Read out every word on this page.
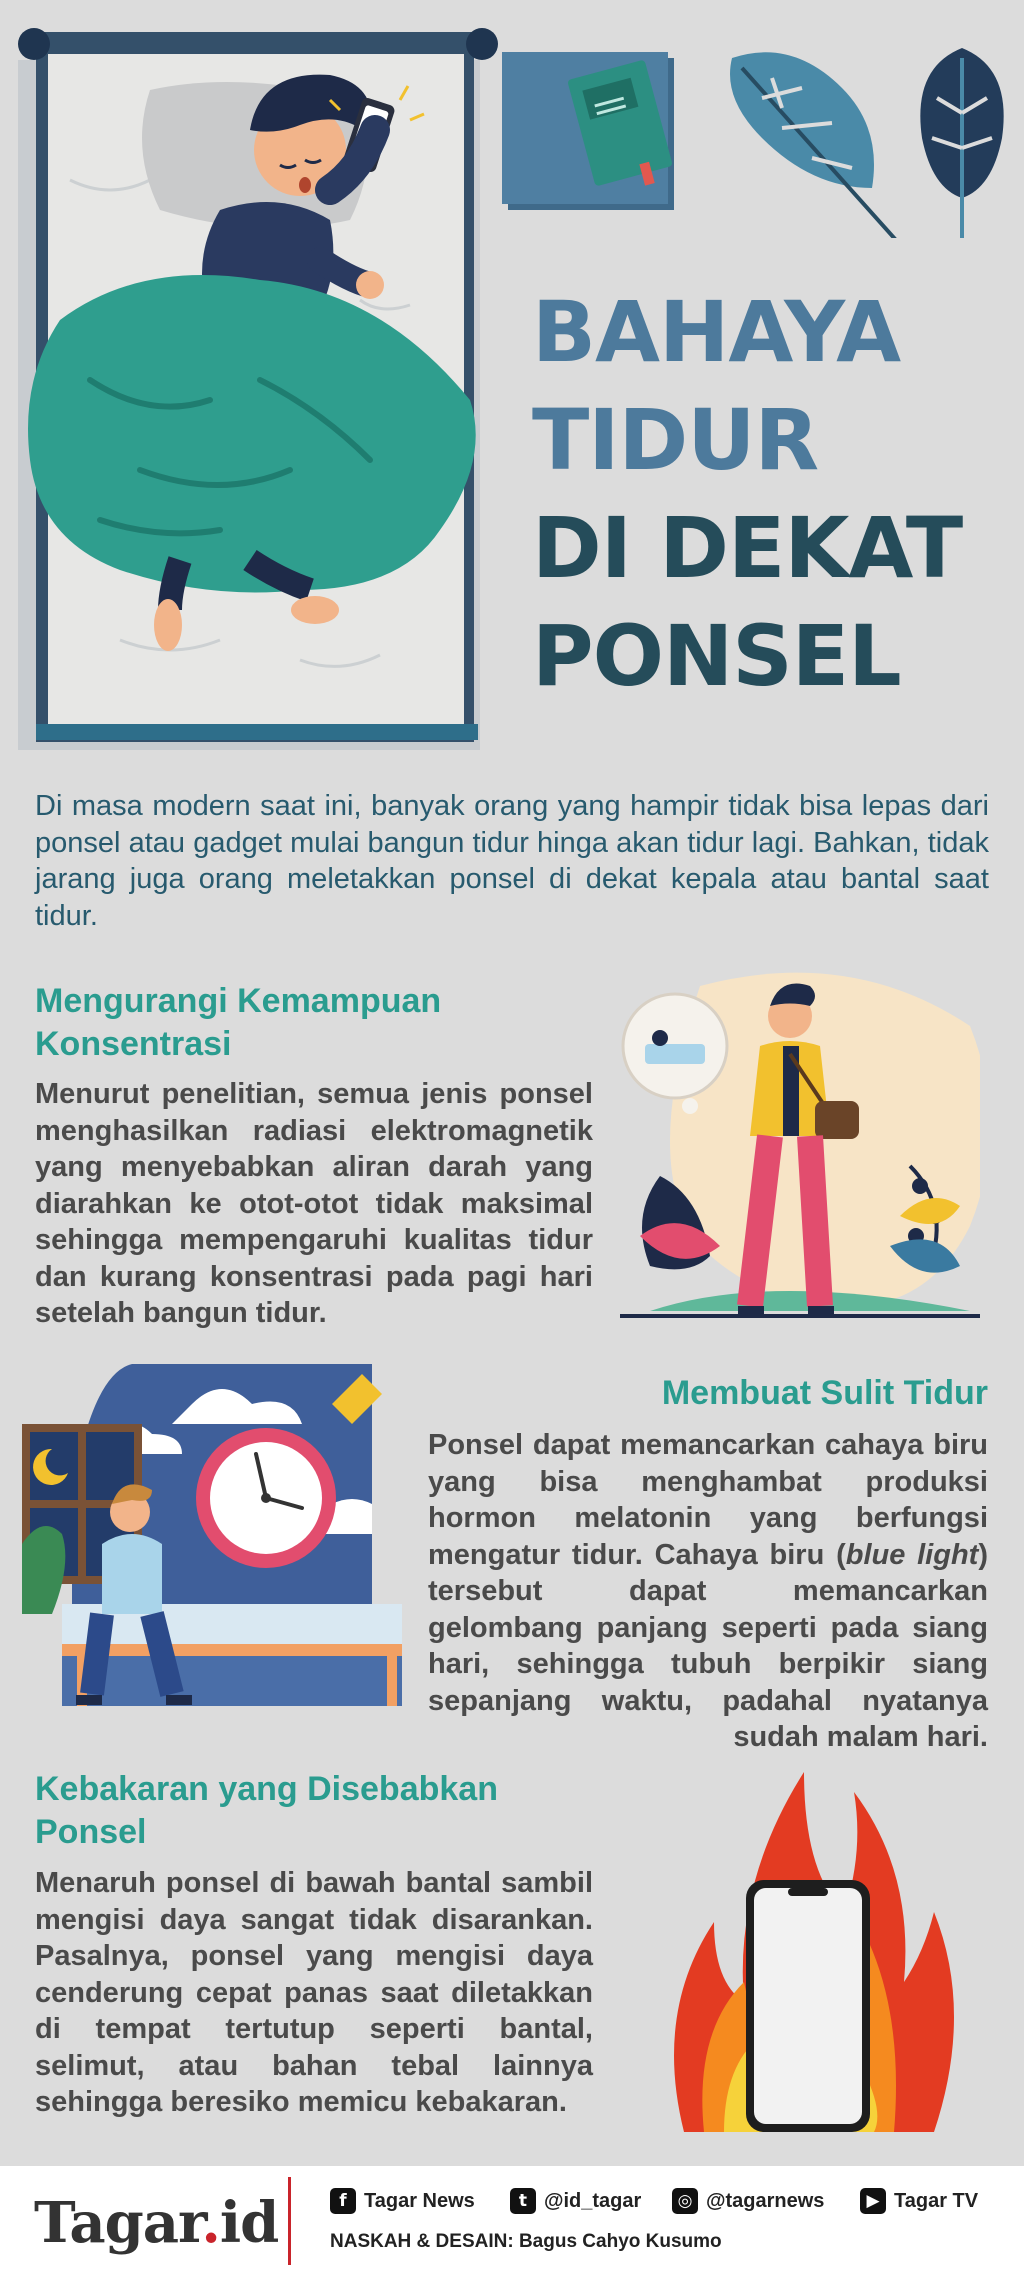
BAHAYA
TIDUR
DI DEKAT
PONSEL
Di masa modern saat ini, banyak orang yang hampir tidak bisa lepas dari ponsel atau gadget mulai bangun tidur hinga akan tidur lagi. Bahkan, tidak jarang juga orang meletakkan ponsel di dekat kepala atau bantal saat tidur.
Mengurangi Kemampuan Konsentrasi
Menurut penelitian, semua jenis ponsel menghasilkan radiasi elektromagnetik yang menyebabkan aliran darah yang diarahkan ke otot-otot tidak maksimal sehingga mempengaruhi kualitas tidur dan kurang konsentrasi pada pagi hari setelah bangun tidur.
Membuat Sulit Tidur
Ponsel dapat memancarkan cahaya biru yang bisa menghambat produksi hormon melatonin yang berfungsi mengatur tidur. Cahaya biru (blue light) tersebut dapat memancarkan gelombang panjang seperti pada siang hari, sehingga tubuh berpikir siang sepanjang waktu, padahal nyatanya sudah malam hari.
Kebakaran yang Disebabkan Ponsel
Menaruh ponsel di bawah bantal sambil mengisi daya sangat tidak disarankan. Pasalnya, ponsel yang mengisi daya cenderung cepat panas saat diletakkan di tempat tertutup seperti bantal, selimut, atau bahan tebal lainnya sehingga beresiko memicu kebakaran.
Tagar.id	f Tagar News	t @id_tagar	◎ @tagarnews	▶ Tagar TV
NASKAH & DESAIN: Bagus Cahyo Kusumo
